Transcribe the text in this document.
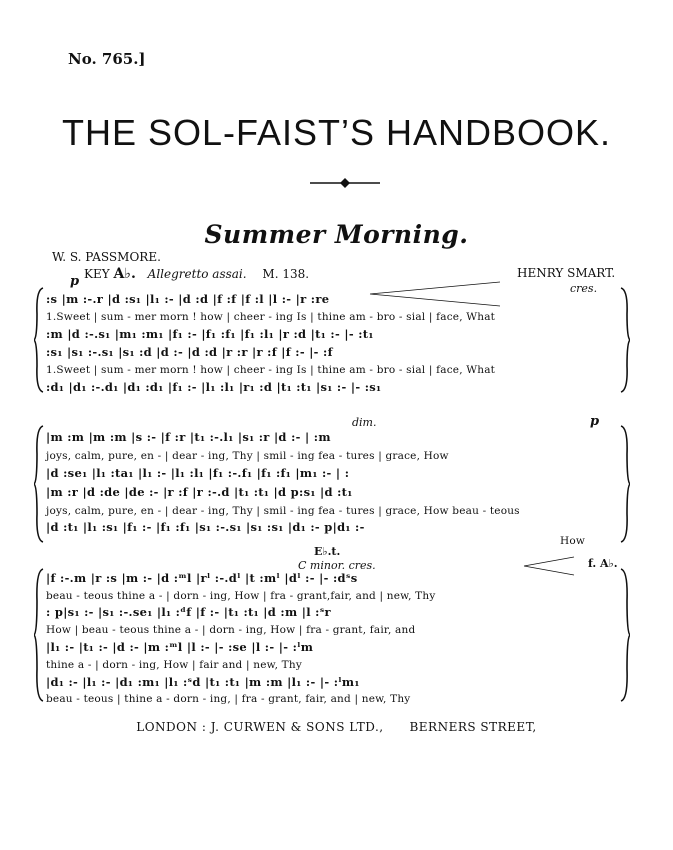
No. 765.]
THE SOL-FAIST’S HANDBOOK.
Summer Morning.
W. S. PASSMORE.
KEY A♭. Allegretto assai. M. 138.	HENRY SMART.
p	cres.
:s |m :-.r |d :s₁ |l₁ :- |d :d |f :f |f :l |l :- |r :re
1.Sweet | sum - mer morn ! how | cheer - ing Is | thine am - bro - sial | face, What
:m |d :-.s₁ |m₁ :m₁ |f₁ :- |f₁ :f₁ |f₁ :l₁ |r :d |t₁ :- |- :t₁
:s₁ |s₁ :-.s₁ |s₁ :d |d :- |d :d |r :r |r :f |f :- |- :f
1.Sweet | sum - mer morn ! how | cheer - ing Is | thine am - bro - sial | face, What
:d₁ |d₁ :-.d₁ |d₁ :d₁ |f₁ :- |l₁ :l₁ |r₁ :d |t₁ :t₁ |s₁ :- |- :s₁
dim.	p
|m :m |m :m |s :- |f :r |t₁ :-.l₁ |s₁ :r |d :- | :m
joys, calm, pure, en - | dear - ing, Thy | smil - ing fea - tures | grace, How
|d :se₁ |l₁ :ta₁ |l₁ :- |l₁ :l₁ |f₁ :-.f₁ |f₁ :f₁ |m₁ :- | :
|m :r |d :de |de :- |r :f |r :-.d |t₁ :t₁ |d p:s₁ |d :t₁
joys, calm, pure, en - | dear - ing, Thy | smil - ing fea - tures | grace, How beau - teous
|d :t₁ |l₁ :s₁ |f₁ :- |f₁ :f₁ |s₁ :-.s₁ |s₁ :s₁ |d₁ :- p|d₁ :-
How
E♭.t.
C minor. cres.	f. A♭.
|f :-.m |r :s |m :- |d :ᵐl |rˡ :-.dˡ |t :mˡ |dˡ :- |- :dˢs
beau - teous thine a - | dorn - ing, How | fra - grant,fair, and | new, Thy
: p|s₁ :- |s₁ :-.se₁ |l₁ :ᵈf |f :- |t₁ :t₁ |d :m |l :ˢr
How | beau - teous thine a - | dorn - ing, How | fra - grant, fair, and
|l₁ :- |t₁ :- |d :- |m :ᵐl |l :- |- :se |l :- |- :ˡm
thine a - | dorn - ing, How | fair and | new, Thy
|d₁ :- |l₁ :- |d₁ :m₁ |l₁ :ˢd |t₁ :t₁ |m :m |l₁ :- |- :ˡm₁
beau - teous | thine a - dorn - ing, | fra - grant, fair, and | new, Thy
LONDON : J. CURWEN & SONS LTD., BERNERS STREET,
